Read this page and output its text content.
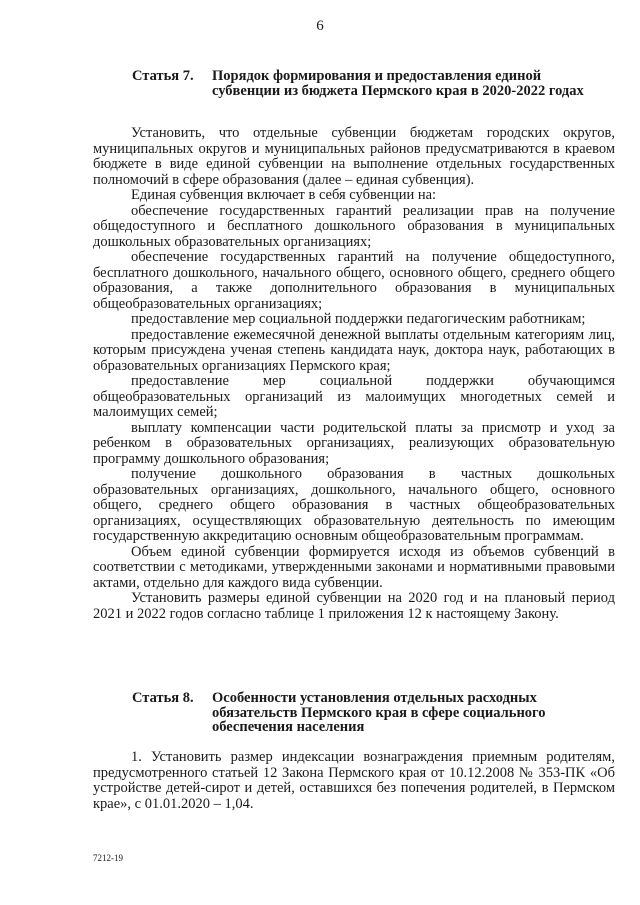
6
Статья 7. Порядок формирования и предоставления единой
субвенции из бюджета Пермского края в 2020-2022 годах

Установить, что отдельные субвенции бюджетам городских округов, муниципальных округов и муниципальных районов предусматриваются в краевом бюджете в виде единой субвенции на выполнение отдельных государственных полномочий в сфере образования (далее – единая субвенция).

Единая субвенция включает в себя субвенции на:

обеспечение государственных гарантий реализации прав на получение общедоступного и бесплатного дошкольного образования в муниципальных дошкольных образовательных организациях;

обеспечение государственных гарантий на получение общедоступного, бесплатного дошкольного, начального общего, основного общего, среднего общего образования, а также дополнительного образования в муниципальных общеобразовательных организациях;

предоставление мер социальной поддержки педагогическим работникам;

предоставление ежемесячной денежной выплаты отдельным категориям лиц, которым присуждена ученая степень кандидата наук, доктора наук, работающих в образовательных организациях Пермского края;

предоставление мер социальной поддержки обучающимся общеобразовательных организаций из малоимущих многодетных семей и малоимущих семей;

выплату компенсации части родительской платы за присмотр и уход за ребенком в образовательных организациях, реализующих образовательную программу дошкольного образования;

получение дошкольного образования в частных дошкольных образовательных организациях, дошкольного, начального общего, основного общего, среднего общего образования в частных общеобразовательных организациях, осуществляющих образовательную деятельность по имеющим государственную аккредитацию основным общеобразовательным программам.

Объем единой субвенции формируется исходя из объемов субвенций в соответствии с методиками, утвержденными законами и нормативными правовыми актами, отдельно для каждого вида субвенции.

Установить размеры единой субвенции на 2020 год и на плановый период 2021 и 2022 годов согласно таблице 1 приложения 12 к настоящему Закону.

Статья 8. Особенности установления отдельных расходных
обязательств Пермского края в сфере социального
обеспечения населения

1. Установить размер индексации вознаграждения приемным родителям, предусмотренного статьей 12 Закона Пермского края от 10.12.2008 № 353-ПК «Об устройстве детей-сирот и детей, оставшихся без попечения родителей, в Пермском крае», с 01.01.2020 – 1,04.

7212-19
